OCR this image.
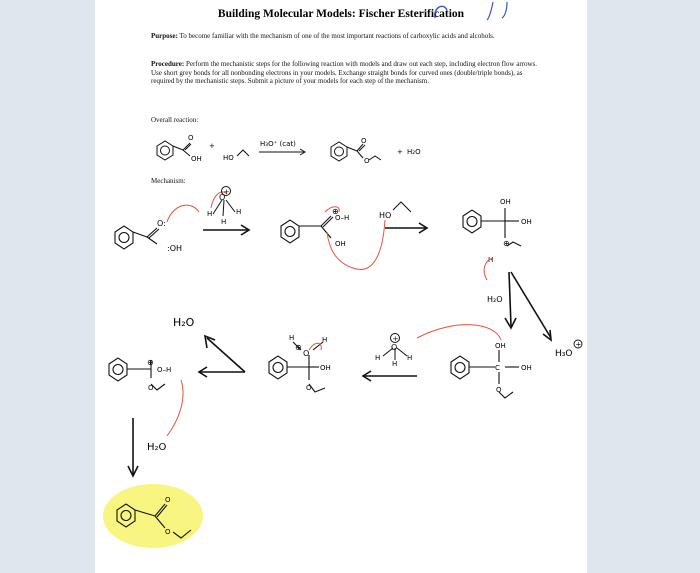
Building Molecular Models: Fischer Esterification
Purpose: To become familiar with the mechanism of one of the most important reactions of carboxylic acids and alcohols.
Procedure: Perform the mechanistic steps for the following reaction with models and draw out each step, including electron flow arrows. Use short grey bonds for all nonbonding electrons in your models. Exchange straight bonds for curved ones (double/triple bonds), as required by the mechanistic steps. Submit a picture of your models for each step of the mechanism.
Overall reaction:
Mechanism:
O
OH
+
HO
H₃O⁺ (cat)	O
O
+ H₂O
O:
:OH
O
+
H
H
H	⊕
O–H
OH
HO
OH
OH
⊕
H
H₂O
H₃O
+
OH
C	OH
O
+
O
H
H
H
H
O
H
⊕
OH
O
H₂O
⊕
O–H
O
H₂O
O
O
